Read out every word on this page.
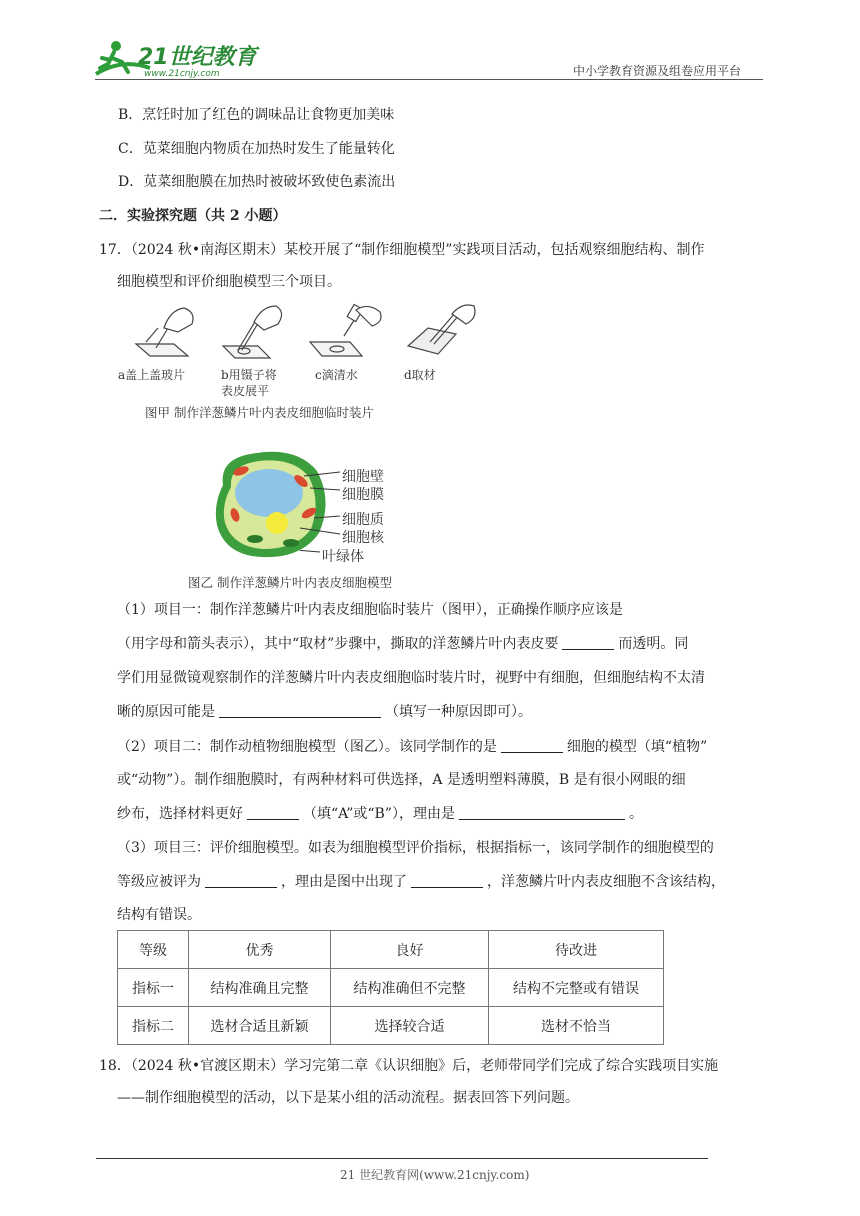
21世纪教育
www.21cnjy.com	中小学教育资源及组卷应用平台
B．烹饪时加了红色的调味品让食物更加美味
C．苋菜细胞内物质在加热时发生了能量转化
D．苋菜细胞膜在加热时被破坏致使色素流出
二．实验探究题（共 2 小题）
17．（2024 秋•南海区期末）某校开展了“制作细胞模型”实践项目活动，包括观察细胞结构、制作
细胞模型和评价细胞模型三个项目。
a盖上盖玻片	b用镊子将
表皮展平
c滴清水	d取材
图甲 制作洋葱鳞片叶内表皮细胞临时装片
细胞壁
细胞膜
细胞质
细胞核
叶绿体
图乙 制作洋葱鳞片叶内表皮细胞模型
（1）项目一：制作洋葱鳞片叶内表皮细胞临时装片（图甲），正确操作顺序应该是
（用字母和箭头表示），其中“取材”步骤中，撕取的洋葱鳞片叶内表皮要	而透明。同
学们用显微镜观察制作的洋葱鳞片叶内表皮细胞临时装片时，视野中有细胞，但细胞结构不太清
晰的原因可能是	（填写一种原因即可）。
（2）项目二：制作动植物细胞模型（图乙）。该同学制作的是	细胞的模型（填“植物”
或“动物”）。制作细胞膜时，有两种材料可供选择，A 是透明塑料薄膜，B 是有很小网眼的细
纱布，选择材料更好	（填“A”或“B”），理由是	。
（3）项目三：评价细胞模型。如表为细胞模型评价指标，根据指标一，该同学制作的细胞模型的
等级应被评为	，理由是图中出现了	，洋葱鳞片叶内表皮细胞不含该结构，
结构有错误。
等级	优秀	良好	待改进
指标一	结构准确且完整	结构准确但不完整	结构不完整或有错误
指标二	选材合适且新颖	选择较合适	选材不恰当
18．（2024 秋•官渡区期末）学习完第二章《认识细胞》后，老师带同学们完成了综合实践项目实施
——制作细胞模型的活动，以下是某小组的活动流程。据表回答下列问题。
21 世纪教育网(www.21cnjy.com)
